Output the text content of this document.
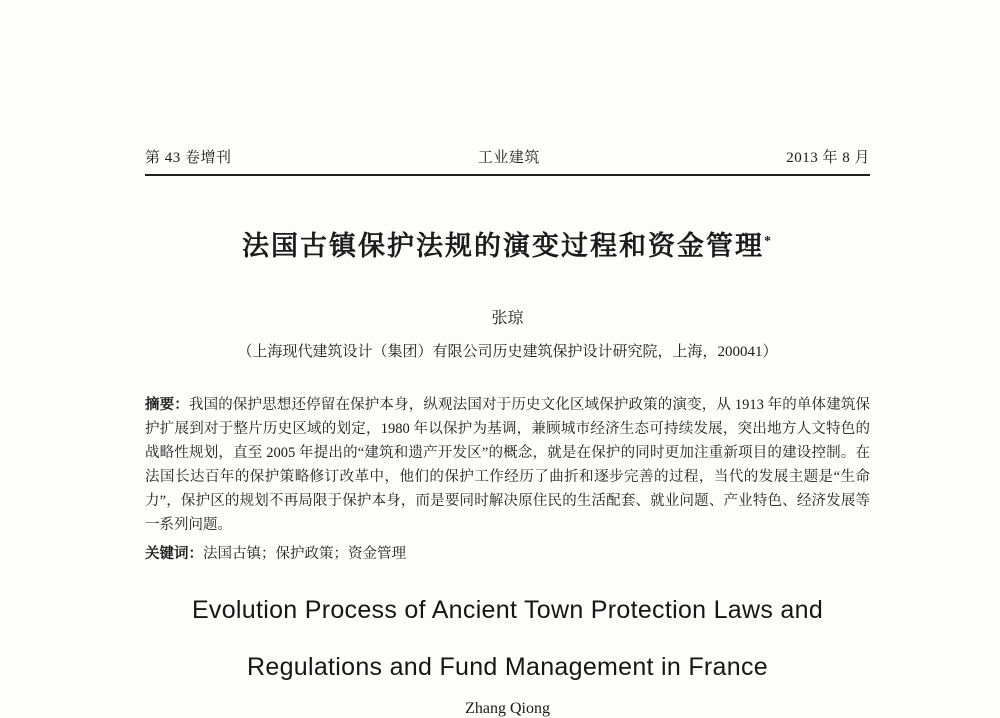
第 43 卷增刊	工业建筑	2013 年 8 月
法国古镇保护法规的演变过程和资金管理*
张琼
（上海现代建筑设计（集团）有限公司历史建筑保护设计研究院，上海，200041）

摘要：我国的保护思想还停留在保护本身，纵观法国对于历史文化区域保护政策的演变，从 1913 年的单体建筑保护扩展到对于整片历史区域的划定，1980 年以保护为基调，兼顾城市经济生态可持续发展，突出地方人文特色的战略性规划，直至 2005 年提出的“建筑和遗产开发区”的概念，就是在保护的同时更加注重新项目的建设控制。在法国长达百年的保护策略修订改革中，他们的保护工作经历了曲折和逐步完善的过程，当代的发展主题是“生命力”，保护区的规划不再局限于保护本身，而是要同时解决原住民的生活配套、就业问题、产业特色、经济发展等一系列问题。

关键词：法国古镇；保护政策；资金管理

Evolution Process of Ancient Town Protection Laws and
Regulations and Fund Management in France
Zhang Qiong
